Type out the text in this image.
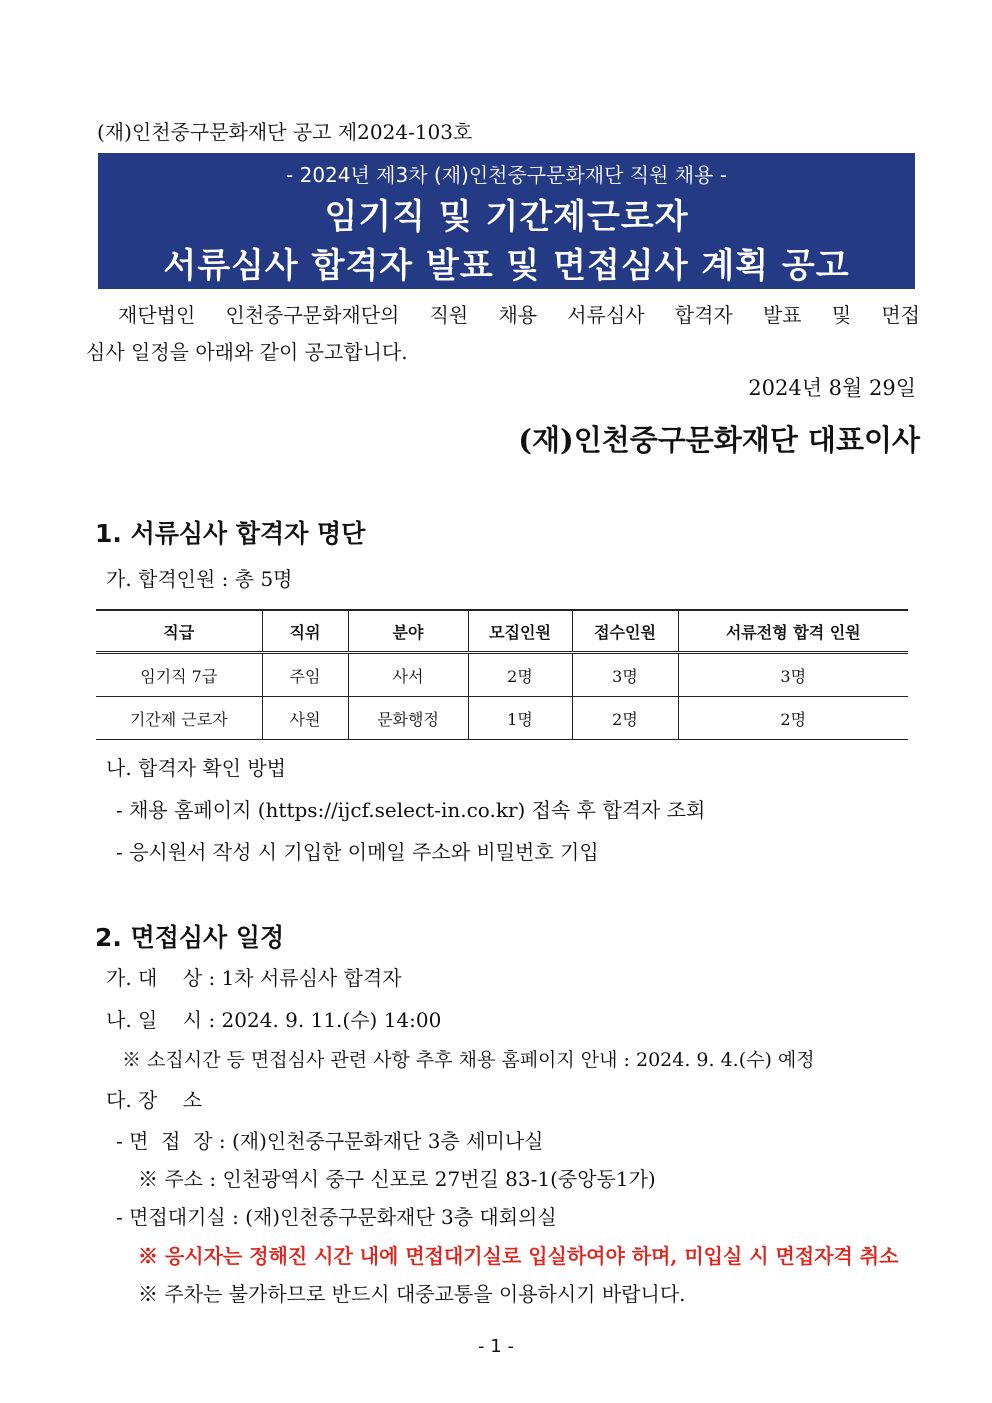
(재)인천중구문화재단 공고 제2024-103호
- 2024년 제3차 (재)인천중구문화재단 직원 채용 -
임기직 및 기간제근로자
서류심사 합격자 발표 및 면접심사 계획 공고
재단법인 인천중구문화재단의 직원 채용 서류심사 합격자 발표 및 면접
심사 일정을 아래와 같이 공고합니다.
2024년 8월 29일
(재)인천중구문화재단 대표이사
1. 서류심사 합격자 명단
가. 합격인원 : 총 5명
직급	직위	분야	모집인원	접수인원	서류전형 합격 인원
임기직 7급	주임	사서	2명	3명	3명
기간제 근로자	사원	문화행정	1명	2명	2명
나. 합격자 확인 방법
- 채용 홈페이지 (https://ijcf.select-in.co.kr) 접속 후 합격자 조회
- 응시원서 작성 시 기입한 이메일 주소와 비밀번호 기입
2. 면접심사 일정
가. 대    상 : 1차 서류심사 합격자
나. 일    시 : 2024. 9. 11.(수) 14:00
※ 소집시간 등 면접심사 관련 사항 추후 채용 홈페이지 안내 : 2024. 9. 4.(수) 예정
다. 장    소
- 면  접  장 : (재)인천중구문화재단 3층 세미나실
※ 주소 : 인천광역시 중구 신포로 27번길 83-1(중앙동1가)
- 면접대기실 : (재)인천중구문화재단 3층 대회의실
※ 응시자는 정해진 시간 내에 면접대기실로 입실하여야 하며, 미입실 시 면접자격 취소
※ 주차는 불가하므로 반드시 대중교통을 이용하시기 바랍니다.
- 1 -
